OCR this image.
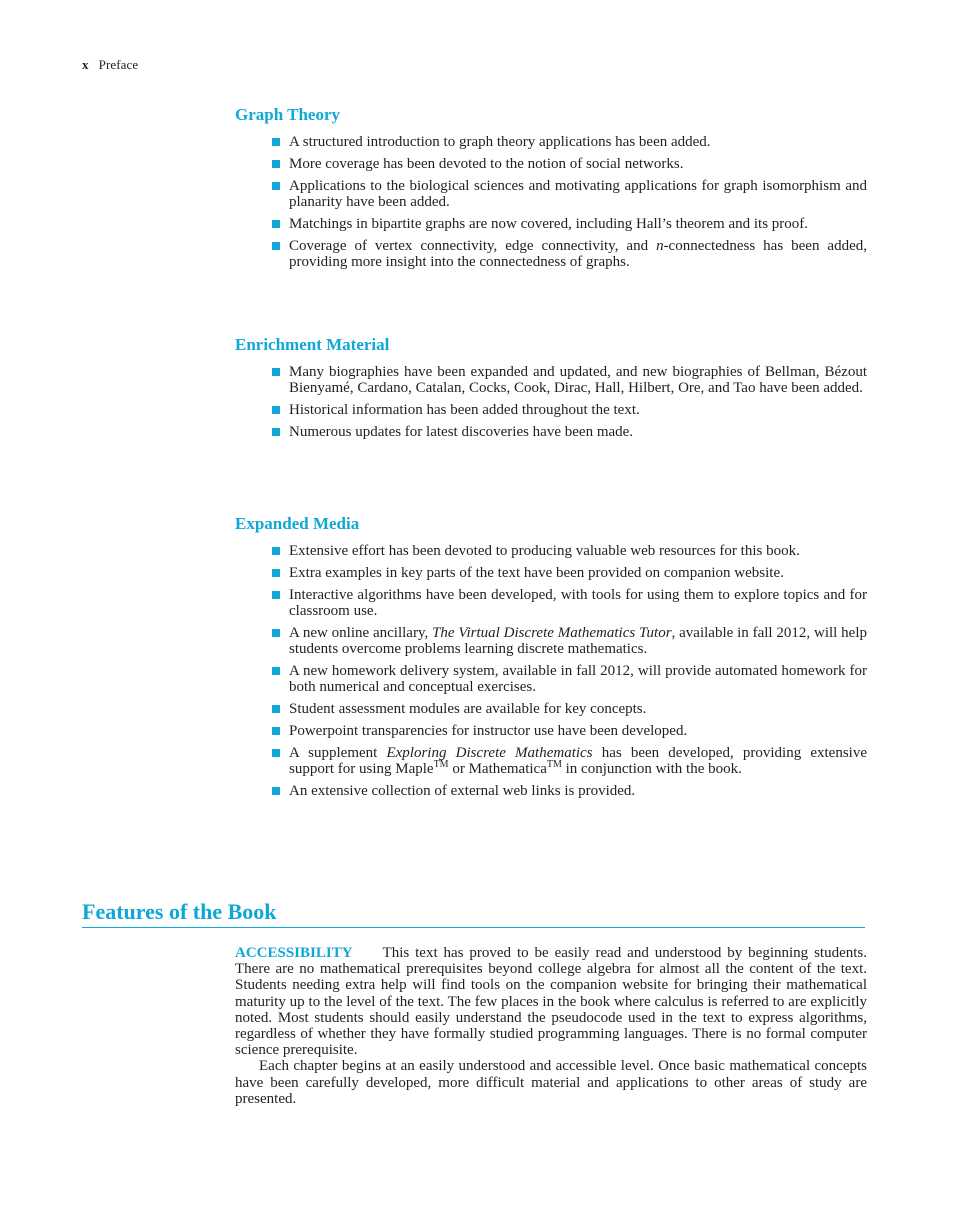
x Preface
Graph Theory
A structured introduction to graph theory applications has been added.
More coverage has been devoted to the notion of social networks.
Applications to the biological sciences and motivating applications for graph isomorphism and planarity have been added.
Matchings in bipartite graphs are now covered, including Hall’s theorem and its proof.
Coverage of vertex connectivity, edge connectivity, and n-connectedness has been added, providing more insight into the connectedness of graphs.
Enrichment Material
Many biographies have been expanded and updated, and new biographies of Bellman, Bézout Bienyamé, Cardano, Catalan, Cocks, Cook, Dirac, Hall, Hilbert, Ore, and Tao have been added.
Historical information has been added throughout the text.
Numerous updates for latest discoveries have been made.
Expanded Media
Extensive effort has been devoted to producing valuable web resources for this book.
Extra examples in key parts of the text have been provided on companion website.
Interactive algorithms have been developed, with tools for using them to explore topics and for classroom use.
A new online ancillary, The Virtual Discrete Mathematics Tutor, available in fall 2012, will help students overcome problems learning discrete mathematics.
A new homework delivery system, available in fall 2012, will provide automated homework for both numerical and conceptual exercises.
Student assessment modules are available for key concepts.
Powerpoint transparencies for instructor use have been developed.
A supplement Exploring Discrete Mathematics has been developed, providing extensive support for using Maple™ or Mathematica™ in conjunction with the book.
An extensive collection of external web links is provided.
Features of the Book

ACCESSIBILITY This text has proved to be easily read and understood by beginning students. There are no mathematical prerequisites beyond college algebra for almost all the content of the text. Students needing extra help will find tools on the companion website for bringing their mathematical maturity up to the level of the text. The few places in the book where calculus is referred to are explicitly noted. Most students should easily understand the pseudocode used in the text to express algorithms, regardless of whether they have formally studied programming languages. There is no formal computer science prerequisite.

Each chapter begins at an easily understood and accessible level. Once basic mathematical concepts have been carefully developed, more difficult material and applications to other areas of study are presented.
